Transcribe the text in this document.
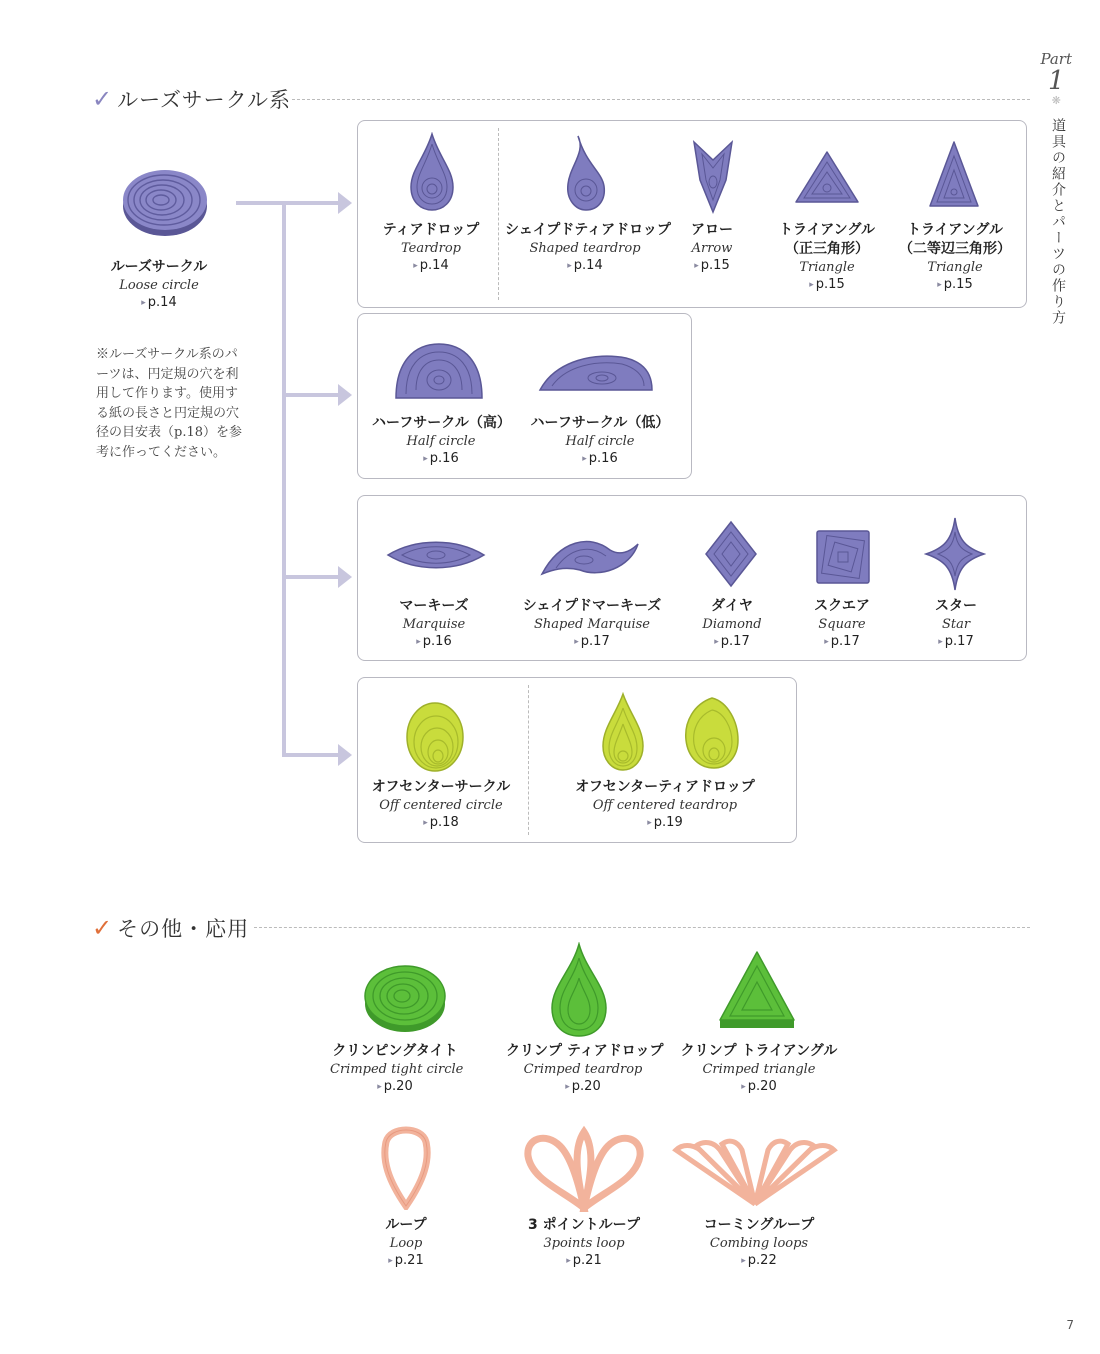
Part
1
❋
道具の紹介とパーツの作り方
✓ ルーズサークル系
ルーズサークル
Loose circle
▸ p.14
※ルーズサークル系のパーツは、円定規の穴を利用して作ります。使用する紙の長さと円定規の穴径の目安表（p.18）を参考に作ってください。
ティアドロップ
Teardrop
▸ p.14
シェイプドティアドロップ
Shaped teardrop
▸ p.14
アロー
Arrow
▸ p.15
トライアングル
（正三角形）
Triangle
▸ p.15
トライアングル
（二等辺三角形）
Triangle
▸ p.15
ハーフサークル（高）
Half circle
▸ p.16
ハーフサークル（低）
Half circle
▸ p.16
マーキーズ
Marquise
▸ p.16
シェイプドマーキーズ
Shaped Marquise
▸ p.17
ダイヤ
Diamond
▸ p.17
スクエア
Square
▸ p.17
スター
Star
▸ p.17
オフセンターサークル
Off centered circle
▸ p.18
オフセンターティアドロップ
Off centered teardrop
▸ p.19
✓ その他・応用
クリンピングタイト
Crimped tight circle
▸ p.20
クリンプ ティアドロップ
Crimped teardrop
▸ p.20
クリンプ トライアングル
Crimped triangle
▸ p.20
ループ
Loop
▸ p.21
3 ポイントループ
3points loop
▸ p.21
コーミングループ
Combing loops
▸ p.22
7
